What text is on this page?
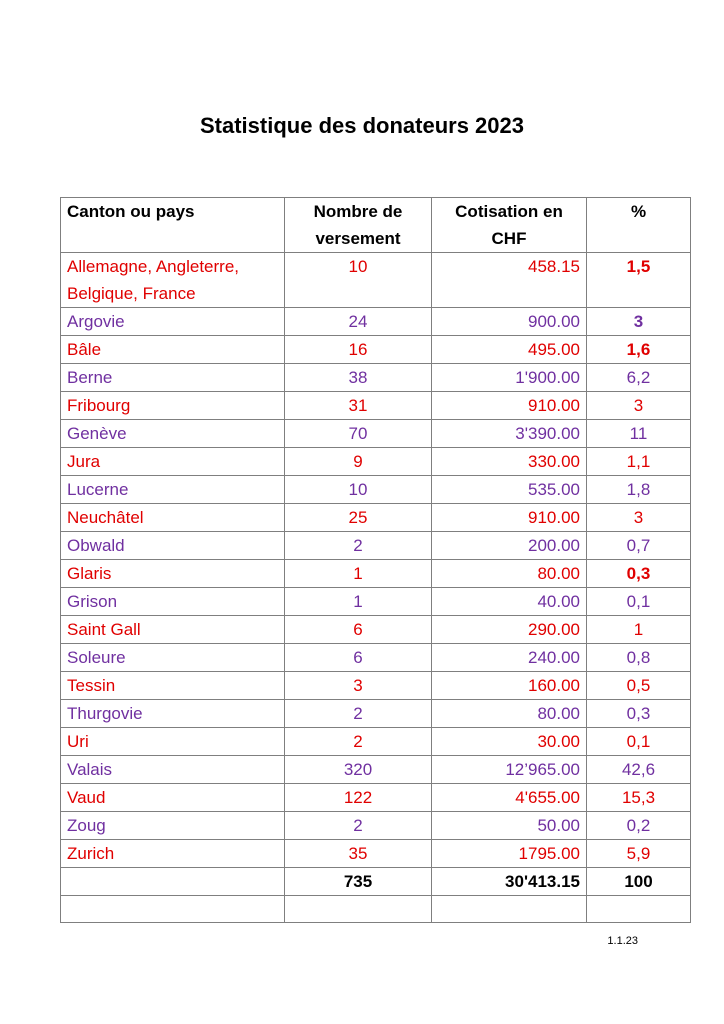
Statistique des donateurs 2023
Canton ou pays	Nombre de versement	Cotisation en CHF	%
Allemagne, Angleterre, Belgique, France	10	458.15	1,5
Argovie	24	900.00	3
Bâle	16	495.00	1,6
Berne	38	1'900.00	6,2
Fribourg	31	910.00	3
Genève	70	3'390.00	11
Jura	9	330.00	1,1
Lucerne	10	535.00	1,8
Neuchâtel	25	910.00	3
Obwald	2	200.00	0,7
Glaris	1	80.00	0,3
Grison	1	40.00	0,1
Saint Gall	6	290.00	1
Soleure	6	240.00	0,8
Tessin	3	160.00	0,5
Thurgovie	2	80.00	0,3
Uri	2	30.00	0,1
Valais	320	12’965.00	42,6
Vaud	122	4'655.00	15,3
Zoug	2	50.00	0,2
Zurich	35	1795.00	5,9
	735	30'413.15	100

1.1.23
